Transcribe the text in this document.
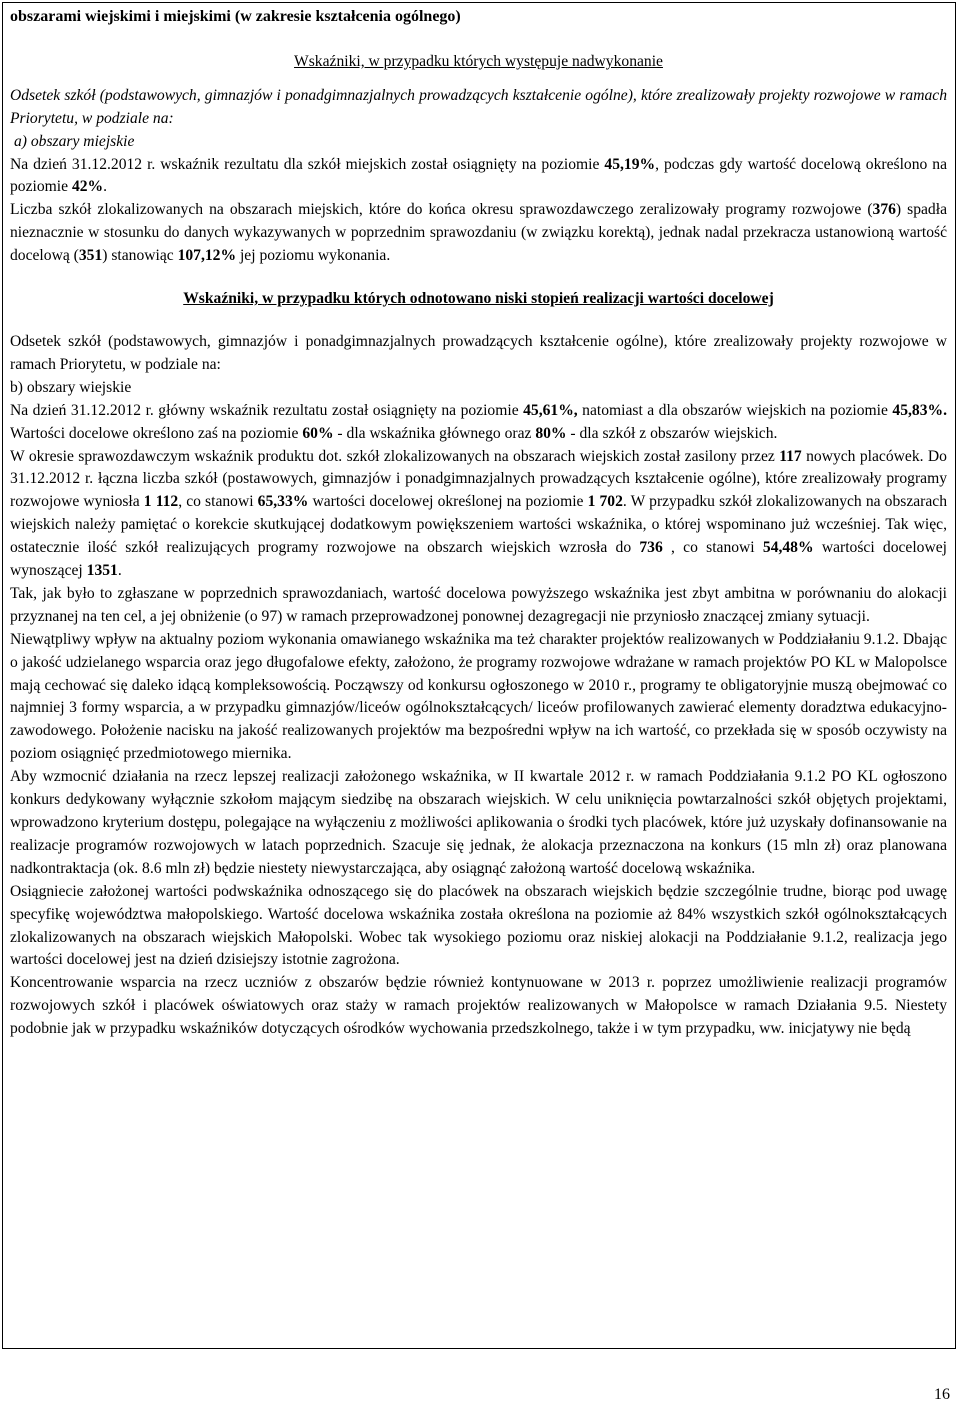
obszarami wiejskimi i miejskimi (w zakresie kształcenia ogólnego)

Wskaźniki, w przypadku których występuje nadwykonanie

Odsetek szkół (podstawowych, gimnazjów i ponadgimnazjalnych prowadzących kształcenie ogólne), które zrealizowały projekty rozwojowe w ramach Priorytetu, w podziale na:

a) obszary miejskie

Na dzień 31.12.2012 r. wskaźnik rezultatu dla szkół miejskich został osiągnięty na poziomie 45,19%, podczas gdy wartość docelową określono na poziomie 42%.

Liczba szkół zlokalizowanych na obszarach miejskich, które do końca okresu sprawozdawczego zeralizowały programy rozwojowe (376) spadła nieznacznie w stosunku do danych wykazywanych w poprzednim sprawozdaniu (w związku korektą), jednak nadal przekracza ustanowioną wartość docelową (351) stanowiąc 107,12% jej poziomu wykonania.

Wskaźniki, w przypadku których odnotowano niski stopień realizacji wartości docelowej

Odsetek szkół (podstawowych, gimnazjów i ponadgimnazjalnych prowadzących kształcenie ogólne), które zrealizowały projekty rozwojowe w ramach Priorytetu, w podziale na:

b) obszary wiejskie

Na dzień 31.12.2012 r. główny wskaźnik rezultatu został osiągnięty na poziomie 45,61%, natomiast a dla obszarów wiejskich na poziomie 45,83%. Wartości docelowe określono zaś na poziomie 60% - dla wskaźnika głównego oraz 80% - dla szkół z obszarów wiejskich.

W okresie sprawozdawczym wskaźnik produktu dot. szkół zlokalizowanych na obszarach wiejskich został zasilony przez 117 nowych placówek. Do 31.12.2012 r. łączna liczba szkół (postawowych, gimnazjów i ponadgimnazjalnych prowadzących kształcenie ogólne), które zrealizowały programy rozwojowe wyniosła 1 112, co stanowi 65,33% wartości docelowej określonej na poziomie 1 702. W przypadku szkół zlokalizowanych na obszarach wiejskich należy pamiętać o korekcie skutkującej dodatkowym powiększeniem wartości wskaźnika, o której wspominano już wcześniej. Tak więc, ostatecznie ilość szkół realizujących programy rozwojowe na obszarch wiejskich wzrosła do 736 , co stanowi 54,48% wartości docelowej wynoszącej 1351.

Tak, jak było to zgłaszane w poprzednich sprawozdaniach, wartość docelowa powyższego wskaźnika jest zbyt ambitna w porównaniu do alokacji przyznanej na ten cel, a jej obniżenie (o 97) w ramach przeprowadzonej ponownej dezagregacji nie przyniosło znaczącej zmiany sytuacji.

Niewątpliwy wpływ na aktualny poziom wykonania omawianego wskaźnika ma też charakter projektów realizowanych w Poddziałaniu 9.1.2. Dbając o jakość udzielanego wsparcia oraz jego długofalowe efekty, założono, że programy rozwojowe wdrażane w ramach projektów PO KL w Malopolsce mają cechować się daleko idącą kompleksowością. Począwszy od konkursu ogłoszonego w 2010 r., programy te obligatoryjnie muszą obejmować co najmniej 3 formy wsparcia, a w przypadku gimnazjów/liceów ogólnokształcących/ liceów profilowanych zawierać elementy doradztwa edukacyjno-zawodowego. Położenie nacisku na jakość realizowanych projektów ma bezpośredni wpływ na ich wartość, co przekłada się w sposób oczywisty na poziom osiągnięć przedmiotowego miernika.

Aby wzmocnić działania na rzecz lepszej realizacji założonego wskaźnika, w II kwartale 2012 r. w ramach Poddziałania 9.1.2 PO KL ogłoszono konkurs dedykowany wyłącznie szkołom mającym siedzibę na obszarach wiejskich. W celu uniknięcia powtarzalności szkół objętych projektami, wprowadzono kryterium dostępu, polegające na wyłączeniu z możliwości aplikowania o środki tych placówek, które już uzyskały dofinansowanie na realizacje programów rozwojowych w latach poprzednich. Szacuje się jednak, że alokacja przeznaczona na konkurs (15 mln zł) oraz planowana nadkontraktacja (ok. 8.6 mln zł) będzie niestety niewystarczająca, aby osiągnąć założoną wartość docelową wskaźnika.

Osiągniecie założonej wartości podwskaźnika odnoszącego się do placówek na obszarach wiejskich będzie szczególnie trudne, biorąc pod uwagę specyfikę województwa małopolskiego. Wartość docelowa wskaźnika została określona na poziomie aż 84% wszystkich szkół ogólnokształcących zlokalizowanych na obszarach wiejskich Małopolski. Wobec tak wysokiego poziomu oraz niskiej alokacji na Poddziałanie 9.1.2, realizacja jego wartości docelowej jest na dzień dzisiejszy istotnie zagrożona.

Koncentrowanie wsparcia na rzecz uczniów z obszarów będzie również kontynuowane w 2013 r. poprzez umożliwienie realizacji programów rozwojowych szkół i placówek oświatowych oraz staży w ramach projektów realizowanych w Małopolsce w ramach Działania 9.5. Niestety podobnie jak w przypadku wskaźników dotyczących ośrodków wychowania przedszkolnego, także i w tym przypadku, ww. inicjatywy nie będą

16
